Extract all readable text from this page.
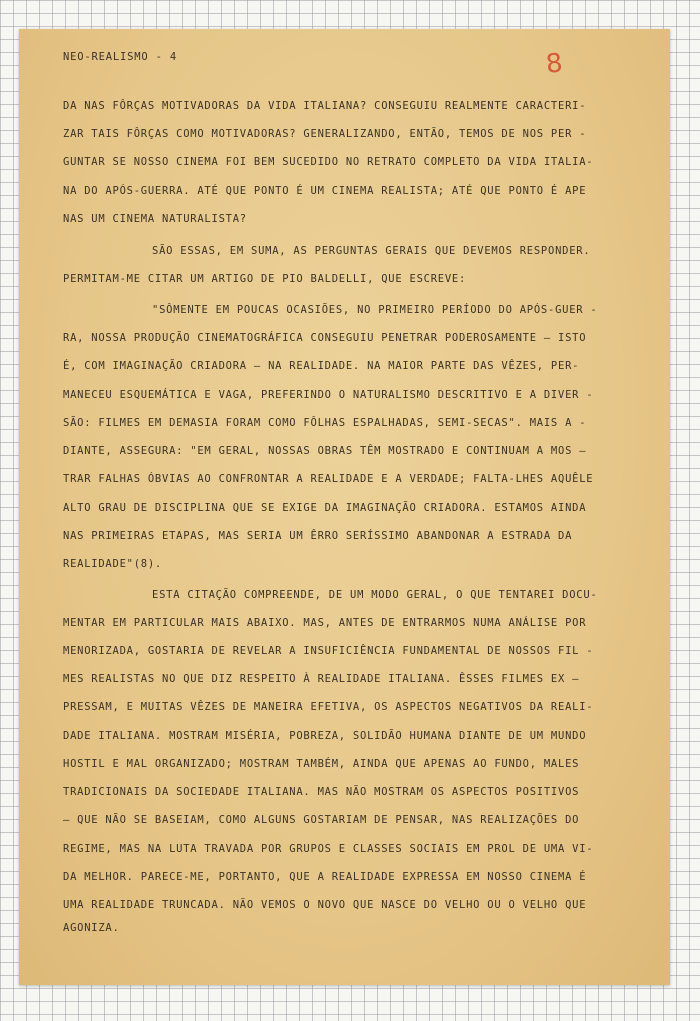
NEO-REALISMO - 4	8
DA NAS FÔRÇAS MOTIVADORAS DA VIDA ITALIANA? CONSEGUIU REALMENTE CARACTERI-
ZAR TAIS FÔRÇAS COMO MOTIVADORAS? GENERALIZANDO, ENTÃO, TEMOS DE NOS PER -
GUNTAR SE NOSSO CINEMA FOI BEM SUCEDIDO NO RETRATO COMPLETO DA VIDA ITALIA-
NA DO APÓS-GUERRA. ATÉ QUE PONTO É UM CINEMA REALISTA; ATÉ QUE PONTO É APE
NAS UM CINEMA NATURALISTA?
SÃO ESSAS, EM SUMA, AS PERGUNTAS GERAIS QUE DEVEMOS RESPONDER.
PERMITAM-ME CITAR UM ARTIGO DE PIO BALDELLI, QUE ESCREVE:
"SÔMENTE EM POUCAS OCASIÕES, NO PRIMEIRO PERÍODO DO APÓS-GUER -
RA, NOSSA PRODUÇÃO CINEMATOGRÁFICA CONSEGUIU PENETRAR PODEROSAMENTE — ISTO
É, COM IMAGINAÇÃO CRIADORA — NA REALIDADE. NA MAIOR PARTE DAS VÊZES, PER-
MANECEU ESQUEMÁTICA E VAGA, PREFERINDO O NATURALISMO DESCRITIVO E A DIVER -
SÃO: FILMES EM DEMASIA FORAM COMO FÔLHAS ESPALHADAS, SEMI-SECAS". MAIS A -
DIANTE, ASSEGURA: "EM GERAL, NOSSAS OBRAS TÊM MOSTRADO E CONTINUAM A MOS —
TRAR FALHAS ÓBVIAS AO CONFRONTAR A REALIDADE E A VERDADE; FALTA-LHES AQUÊLE
ALTO GRAU DE DISCIPLINA QUE SE EXIGE DA IMAGINAÇÃO CRIADORA. ESTAMOS AINDA
NAS PRIMEIRAS ETAPAS, MAS SERIA UM ÊRRO SERÍSSIMO ABANDONAR A ESTRADA DA
REALIDADE"(8).
ESTA CITAÇÃO COMPREENDE, DE UM MODO GERAL, O QUE TENTAREI DOCU-
MENTAR EM PARTICULAR MAIS ABAIXO. MAS, ANTES DE ENTRARMOS NUMA ANÁLISE POR
MENORIZADA, GOSTARIA DE REVELAR A INSUFICIÊNCIA FUNDAMENTAL DE NOSSOS FIL -
MES REALISTAS NO QUE DIZ RESPEITO À REALIDADE ITALIANA. ÊSSES FILMES EX —
PRESSAM, E MUITAS VÊZES DE MANEIRA EFETIVA, OS ASPECTOS NEGATIVOS DA REALI-
DADE ITALIANA. MOSTRAM MISÉRIA, POBREZA, SOLIDÃO HUMANA DIANTE DE UM MUNDO
HOSTIL E MAL ORGANIZADO; MOSTRAM TAMBÉM, AINDA QUE APENAS AO FUNDO, MALES
TRADICIONAIS DA SOCIEDADE ITALIANA. MAS NÃO MOSTRAM OS ASPECTOS POSITIVOS
— QUE NÃO SE BASEIAM, COMO ALGUNS GOSTARIAM DE PENSAR, NAS REALIZAÇÕES DO
REGIME, MAS NA LUTA TRAVADA POR GRUPOS E CLASSES SOCIAIS EM PROL DE UMA VI-
DA MELHOR. PARECE-ME, PORTANTO, QUE A REALIDADE EXPRESSA EM NOSSO CINEMA É
UMA REALIDADE TRUNCADA. NÃO VEMOS O NOVO QUE NASCE DO VELHO OU O VELHO QUE
AGONIZA.
